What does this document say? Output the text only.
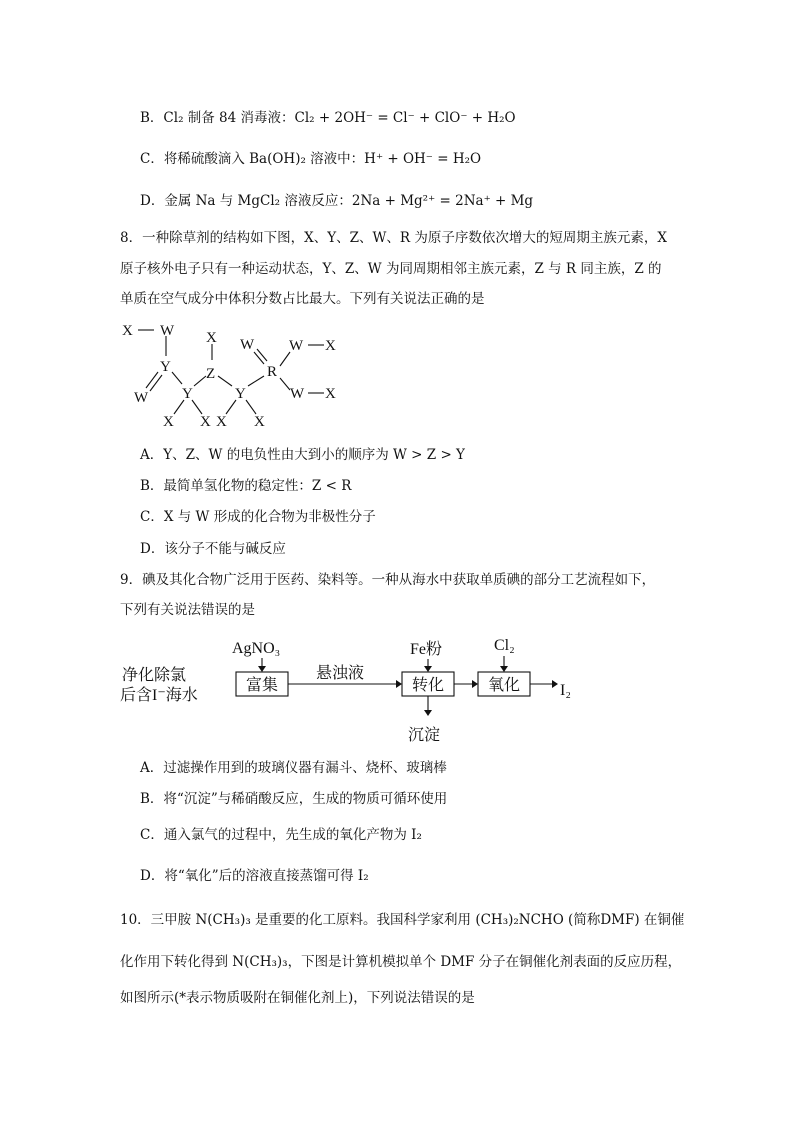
B．Cl₂ 制备 84 消毒液：Cl₂ + 2OH⁻ = Cl⁻ + ClO⁻ + H₂O
C．将稀硫酸滴入 Ba(OH)₂ 溶液中：H⁺ + OH⁻ = H₂O
D．金属 Na 与 MgCl₂ 溶液反应：2Na + Mg²⁺ = 2Na⁺ + Mg
8．一种除草剂的结构如下图，X、Y、Z、W、R 为原子序数依次增大的短周期主族元素，X
原子核外电子只有一种运动状态，Y、Z、W 为同周期相邻主族元素，Z 与 R 同主族，Z 的
单质在空气成分中体积分数占比最大。下列有关说法正确的是
X W
Y
W Y
X X
Z
X
Y
X X
W
R
W X
W X
A．Y、Z、W 的电负性由大到小的顺序为 W > Z > Y
B．最简单氢化物的稳定性：Z < R
C．X 与 W 形成的化合物为非极性分子
D．该分子不能与碱反应
9．碘及其化合物广泛用于医药、染料等。一种从海水中获取单质碘的部分工艺流程如下，
下列有关说法错误的是
净化除氯
后含I⁻海水
AgNO₃
悬浊液
Fe粉
沉淀
Cl₂
I₂
富集	转化	氧化
A．过滤操作用到的玻璃仪器有漏斗、烧杯、玻璃棒
B．将“沉淀”与稀硝酸反应，生成的物质可循环使用
C．通入氯气的过程中，先生成的氧化产物为 I₂
D．将“氧化”后的溶液直接蒸馏可得 I₂
10．三甲胺 N(CH₃)₃ 是重要的化工原料。我国科学家利用 (CH₃)₂NCHO (简称DMF) 在铜催
化作用下转化得到 N(CH₃)₃，下图是计算机模拟单个 DMF 分子在铜催化剂表面的反应历程，
如图所示(*表示物质吸附在铜催化剂上)，下列说法错误的是
